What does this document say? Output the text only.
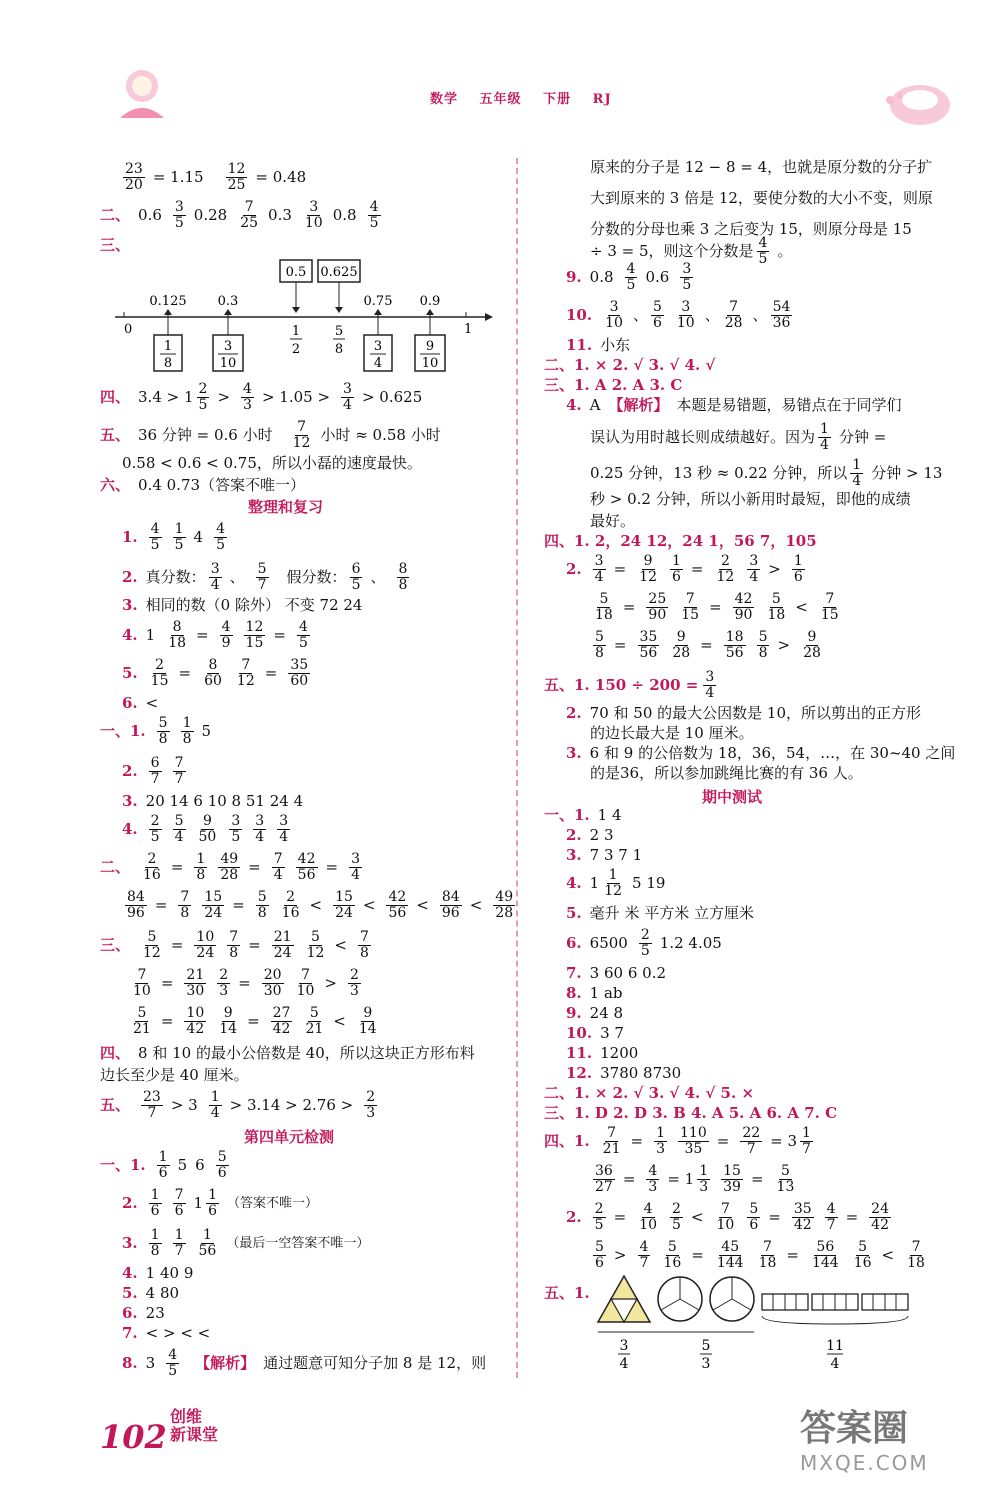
数学 五年级 下册 RJ
$\frac{23}{20} = 1.15 \frac{12}{25} = 0.48$
二、 $0.6 \frac{3}{5} 0.28 \frac{7}{25} 0.3 \frac{3}{10} 0.8 \frac{4}{5}$
三、
0.5 0.625
0.125 0.3	0.75 0.9
0	1
1
2
5
8
1
8
3
10
3
4
9
10
四、 $3.4 > 1 \frac{2}{5} > \frac{4}{3} > 1.05 > \frac{3}{4} > 0.625$
五、 36 分钟 = 0.6 小时 $\frac{7}{12}$ 小时 ≈ 0.58 小时
0.58 < 0.6 < 0.75，所以小磊的速度最快。
六、 0.4 0.73（答案不唯一）
整理和复习
1. $\frac{4}{5} \frac{1}{5} 4 \frac{4}{5}$
2. 真分数： $\frac{3}{4}$ 、 $\frac{5}{7}$ 假分数： $\frac{6}{5}$ 、 $\frac{8}{8}$
3. 相同的数（0 除外） 不变 72 24
4. $1 \frac{8}{18} = \frac{4}{9} \frac{12}{15} = \frac{4}{5}$
5. $\frac{2}{15} = \frac{8}{60} \frac{7}{12} = \frac{35}{60}$
6. <
一、1. $\frac{5}{8} \frac{1}{8} 5$
2. $\frac{6}{7} \frac{7}{7}$
3. 20 14 6 10 8 51 24 4
4. $\frac{2}{5} \frac{5}{4} \frac{9}{50} \frac{3}{5} \frac{3}{4} \frac{3}{4}$
二、 $\frac{2}{16} = \frac{1}{8} \frac{49}{28} = \frac{7}{4} \frac{42}{56} = \frac{3}{4}$
$\frac{84}{96} = \frac{7}{8} \frac{15}{24} = \frac{5}{8} \frac{2}{16} < \frac{15}{24} < \frac{42}{56} < \frac{84}{96} < \frac{49}{28}$
三、 $\frac{5}{12} = \frac{10}{24} \frac{7}{8} = \frac{21}{24} \frac{5}{12} < \frac{7}{8}$
$\frac{7}{10} = \frac{21}{30} \frac{2}{3} = \frac{20}{30} \frac{7}{10} > \frac{2}{3}$
$\frac{5}{21} = \frac{10}{42} \frac{9}{14} = \frac{27}{42} \frac{5}{21} < \frac{9}{14}$
四、 8 和 10 的最小公倍数是 40，所以这块正方形布料
边长至少是 40 厘米。
五、 $\frac{23}{7} > 3 \frac{1}{4} > 3.14 > 2.76 > \frac{2}{3}$
第四单元检测
一、1. $\frac{1}{6} 5$ $6 \frac{5}{6}$
2. $\frac{1}{6} \frac{7}{6} 1 \frac{1}{6}$ （答案不唯一）
3. $\frac{1}{8} \frac{1}{7} \frac{1}{56}$ （最后一空答案不唯一）
4. 1 40 9
5. 4 80
6. 23
7. < > < <
8. $3 \frac{4}{5}$ 【解析】 通过题意可知分子加 8 是 12，则
原来的分子是 12 − 8 = 4，也就是原分数的分子扩
大到原来的 3 倍是 12，要使分数的大小不变，则原
分数的分母也乘 3 之后变为 15，则原分母是 15
÷ 3 = 5，则这个分数是 $\frac{4}{5}$ 。
9. $0.8 \frac{4}{5} 0.6 \frac{3}{5}$
10. $\frac{3}{10}$ 、 $\frac{5}{6} \frac{3}{10}$ 、 $\frac{7}{28}$ 、 $\frac{54}{36}$
11. 小东
二、1. × 2. √ 3. √ 4. √
三、1. A 2. A 3. C
4. A 【解析】 本题是易错题，易错点在于同学们
误认为用时越长则成绩越好。因为 $\frac{1}{4}$ 分钟 =
0.25 分钟，13 秒 ≈ 0.22 分钟，所以 $\frac{1}{4}$ 分钟 > 13
秒 > 0.2 分钟，所以小新用时最短，即他的成绩
最好。
四、1. 2，24 12，24 1，56 7，105
2. $\frac{3}{4} = \frac{9}{12} \frac{1}{6} = \frac{2}{12} \frac{3}{4} > \frac{1}{6}$
$\frac{5}{18} = \frac{25}{90} \frac{7}{15} = \frac{42}{90} \frac{5}{18} < \frac{7}{15}$
$\frac{5}{8} = \frac{35}{56} \frac{9}{28} = \frac{18}{56} \frac{5}{8} > \frac{9}{28}$
五、1. $150 \div 200 = \frac{3}{4}$
2. 70 和 50 的最大公因数是 10，所以剪出的正方形
的边长最大是 10 厘米。
3. 6 和 9 的公倍数为 18，36，54，…，在 30~40 之间
的是36，所以参加跳绳比赛的有 36 人。
期中测试
一、1. 1 4
2. 2 3
3. 7 3 7 1
4. $1 \frac{1}{12} 5$ 19
5. 毫升 米 平方米 立方厘米
6. $6500 \frac{2}{5} 1.2$ 4.05
7. 3 60 6 0.2
8. 1 ab
9. 24 8
10. 3 7
11. 1200
12. 3780 8730
二、1. × 2. √ 3. √ 4. √ 5. ×
三、1. D 2. D 3. B 4. A 5. A 6. A 7. C
四、1. $\frac{7}{21} = \frac{1}{3} \frac{110}{35} = \frac{22}{7} = 3 \frac{1}{7}$
$\frac{36}{27} = \frac{4}{3} = 1 \frac{1}{3} \frac{15}{39} = \frac{5}{13}$
2. $\frac{2}{5} = \frac{4}{10} \frac{2}{5} < \frac{7}{10} \frac{5}{6} = \frac{35}{42} \frac{4}{7} = \frac{24}{42}$
$\frac{5}{6} > \frac{4}{7} \frac{5}{16} = \frac{45}{144} \frac{7}{18} = \frac{56}{144} \frac{5}{16} < \frac{7}{18}$
五、1.
3
4
5
3
11
4
102
创维
新课堂	答案圈
MXQE.COM
